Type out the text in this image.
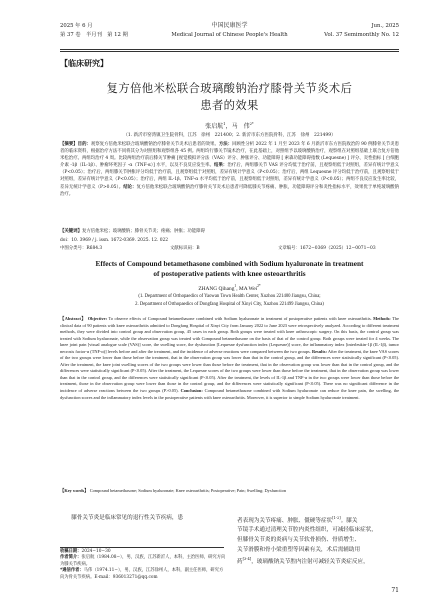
2025 年 6 月
第 37 卷　半月刊　第 12 期
中国民康医学
Medical Journal of Chinese People's Health
Jun., 2025
Vol. 37 Semimonthly No. 12
【临床研究】
复方倍他米松联合玻璃酸钠治疗膝骨关节炎术后
患者的效果
张启航$^1$，马　伟$^{2*}$
（1. 新沂市窑湾镇卫生院骨科，江苏　徐州　221400；2. 新沂市东方医院骨科，江苏　徐州　221499）
【摘要】目的：观察复方倍他米松联合玻璃酸钠治疗膝骨关节炎术后患者的效果。方法：回顾性分析 2022 年 1 月至 2023 年 6 月新沂市东方医院收治的 90 例膝骨关节炎患者的临床资料，根据治疗方法不同将其分为对照组和观察组各 45 例。两组均行膝关节镜术治疗，在此基础上，对照组予以玻璃酸钠治疗，观察组在对照组基础上联合复方倍他米松治疗。两组均治疗 4 周。比较两组治疗前后膝关节肿痛 [视觉模拟评分法（VAS）评分、肿胀评分、功能障碍 [ 索森功能障碍指数 (Lequesne) ] 评分、炎性指标 [ 白细胞介素 -1β（IL-1β）、肿瘤坏死因子 -α（TNF-α）] 水平，以及不良反应发生率。结果：治疗后，两组膝关节 VAS 评分均低于治疗前，且观察组低于对照组，差异有统计学意义（P<0.05）；治疗后，两组膝关节肿胀评分均低于治疗前，且观察组低于对照组，差异有统计学意义（P<0.05）；治疗后，两组 Lequesne 评分均低于治疗前，且观察组低于对照组，差异有统计学意义（P<0.05）；治疗后，两组 IL-1β、TNF-α 水平均低于治疗前，且观察组低于对照组，差异有统计学意义（P<0.05）；两组不良反应发生率比较，差异无统计学意义（P>0.05）。结论：复方倍他米松联合玻璃酸钠治疗膝骨关节炎术后患者可降低膝关节疼痛、肿胀，功能障碍评分和炎性指标水平，效果优于单纯玻璃酸钠治疗。
【关键词】复方倍他米松；玻璃酸钠；膝骨关节炎；疼痛；肿胀；功能障碍
doi：10. 3969 / j. issn. 1672-0369. 2025. 12. 022
中图分类号：R684.3	文献标识码：B	文章编号：1672−0369（2025）12−0071−03
Effects of Compound betamethasone combined with Sodium hyaluronate in treatment
of postoperative patients with knee osteoarthritis
ZHANG Qihang$^1$, MA Wei$^{2*}$
(1. Department of Orthopaedics of Yaowan Town Health Center, Xuzhou 221400 Jiangsu, China;
2. Department of Orthopaedics of Dongfang Hospital of Xinyi City, Xuzhou 221499 Jiangsu, China)
【Abstract】 Objective: To observe effects of Compound betamethasone combined with Sodium hyaluronate in treatment of postoperative patients with knee osteoarthritis. Methods: The clinical data of 90 patients with knee osteoarthritis admitted to Dongfang Hospital of Xinyi City from January 2022 to June 2023 were retrospectively analyzed. According to different treatment methods, they were divided into control group and observation group, 45 cases in each group. Both groups were treated with knee arthroscopic surgery. On this basis, the control group was treated with Sodium hyaluronate, while the observation group was treated with Compound betamethasone on the basis of that of the control group. Both groups were treated for 4 weeks. The knee joint pain [visual analogue scale (VAS)] score, the swelling score, the dysfunction [Lequesne dysfunction index (Lequesne)] score, the inflammatory index [interleukin-1β (IL-1β), tumor necrosis factor-α (TNF-α)] levels before and after the treatment, and the incidence of adverse reactions were compared between the two groups. Results: After the treatment, the knee VAS scores of the two groups were lower than those before the treatment, that in the observation group was lower than that in the control group, and the differences were statistically significant (P<0.05). After the treatment, the knee joint swelling scores of the two groups were lower than those before the treatment, that in the observation group was lower than that in the control group, and the differences were statistically significant (P<0.05). After the treatment, the Lequesne scores of the two groups were lower than those before the treatment, that in the observation group was lower than that in the control group, and the differences were statistically significant (P<0.05). After the treatment, the levels of IL-1β and TNF-α in the two groups were lower than those before the treatment, those in the observation group were lower than those in the control group, and the differences were statistically significant (P<0.05). There was no significant difference in the incidence of adverse reactions between the two groups (P>0.05). Conclusion: Compound betamethasone combined with Sodium hyaluronate can reduce the knee pain, the swelling, the dysfunction scores and the inflammatory index levels in the postoperative patients with knee osteoarthritis. Moreover, it is superior to simple Sodium hyaluronate treatment.
【Key words】 Compound betamethasone; Sodium hyaluronate; Knee osteoarthritis; Postoperative; Pain; Swelling; Dysfunction
　　膝骨关节炎是临床常见的退行性关节疾病，患	者表现为关节疼痛、肿胀、僵硬等症状[1-2]。膝关
节镜手术通过清理关节腔内炎性组织，可减轻临床症状，
但膝骨关节炎的炎病与关节软骨损伤、骨质增生、
关节滑膜和骨小梁重塑等因素有关，术后需辅助用
药[3-4]，玻璃酸钠关节腔内注射可减轻关节炎症反应，
收稿日期：2024−10−30
作者简介：张启航（1984.08−），男，汉族，江苏新沂人，本科，主治医师，研究方向为膝关节疾病。
*通信作者：马伟（1974.11−），男，汉族，江苏徐州人，本科，副主任医师，研究方向为骨关节疾病。E-mail：936013271@qq.com
71
